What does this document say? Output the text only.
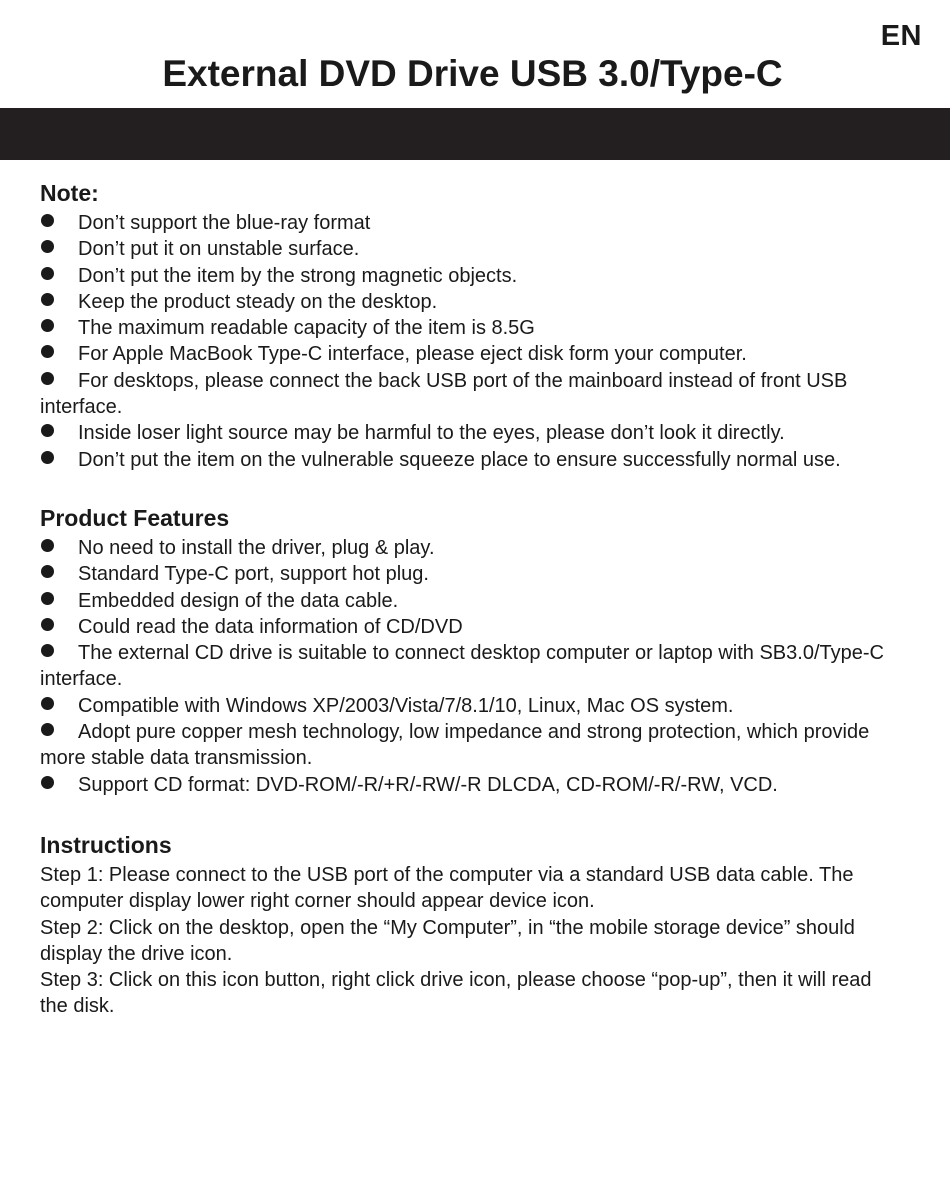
EN
External DVD Drive USB 3.0/Type-C
Note:
Don’t support the blue-ray format
Don’t put it on unstable surface.
Don’t put the item by the strong magnetic objects.
Keep the product steady on the desktop.
The maximum readable capacity of the item is 8.5G
For Apple MacBook Type-C interface, please eject disk form your computer.
For desktops, please connect the back USB port of the mainboard instead of front USB interface.
Inside loser light source may be harmful to the eyes, please don’t look it directly.
Don’t put the item on the vulnerable squeeze place to ensure successfully normal use.
Product Features
No need to install the driver, plug & play.
Standard Type-C port, support hot plug.
Embedded design of the data cable.
Could read the data information of CD/DVD
The external CD drive is suitable to connect desktop computer or laptop with SB3.0/Type-C interface.
Compatible with Windows XP/2003/Vista/7/8.1/10, Linux, Mac OS system.
Adopt pure copper mesh technology, low impedance and strong protection, which provide more stable data transmission.
Support CD format: DVD-ROM/-R/+R/-RW/-R DLCDA, CD-ROM/-R/-RW, VCD.
Instructions

Step 1: Please connect to the USB port of the computer via a standard USB data cable. The computer display lower right corner should appear device icon.

Step 2: Click on the desktop, open the “My Computer”, in “the mobile storage device” should display the drive icon.

Step 3: Click on this icon button, right click drive icon, please choose “pop-up”, then it will read the disk.
